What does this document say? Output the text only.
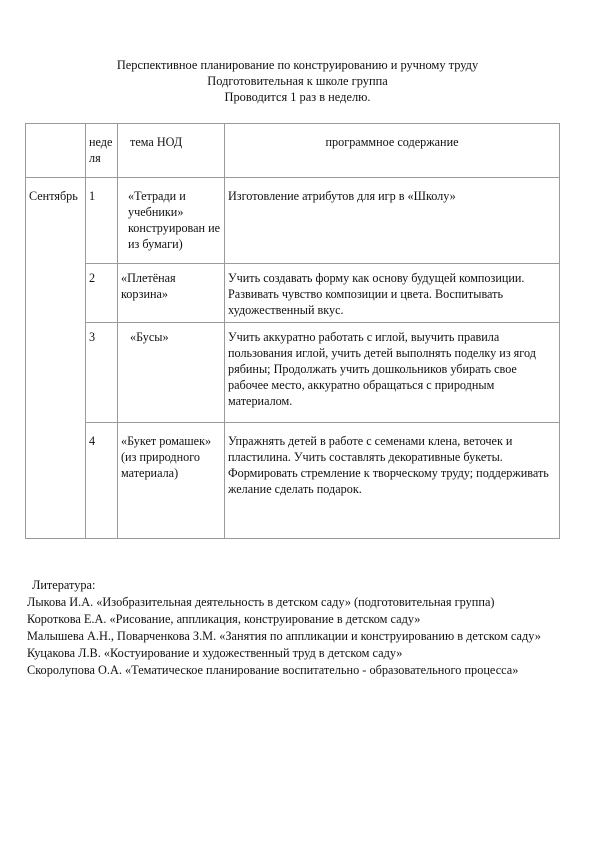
Перспективное планирование по конструированию и ручному труду
Подготовительная к школе группа
Проводится 1 раз в неделю.
	неде ля	тема НОД	программное содержание
Сентябрь	1	«Тетради и учебники» конструирован ие из бумаги)	Изготовление атрибутов для игр в «Школу»
	2	«Плетёная корзина»	Учить создавать форму как основу будущей композиции. Развивать чувство композиции и цвета. Воспитывать художественный вкус.
	3	«Бусы»	Учить аккуратно работать с иглой, выучить правила пользования иглой, учить детей выполнять поделку из ягод рябины; Продолжать учить дошкольников убирать свое рабочее место, аккуратно обращаться с природным материалом.
	4	«Букет ромашек» (из природного материала)	Упражнять детей в работе с семенами клена, веточек и пластилина. Учить составлять декоративные букеты. Формировать стремление к творческому труду; поддерживать желание сделать подарок.

Литература:

Лыкова И.А. «Изобразительная деятельность в детском саду» (подготовительная группа)

Короткова Е.А. «Рисование, аппликация, конструирование в детском саду»

Малышева А.Н., Поварченкова З.М. «Занятия по аппликации и конструированию в детском саду»

Куцакова Л.В. «Костуирование и художественный труд в детском саду»

Скоролупова О.А. «Тематическое планирование воспитательно - образовательного процесса»
